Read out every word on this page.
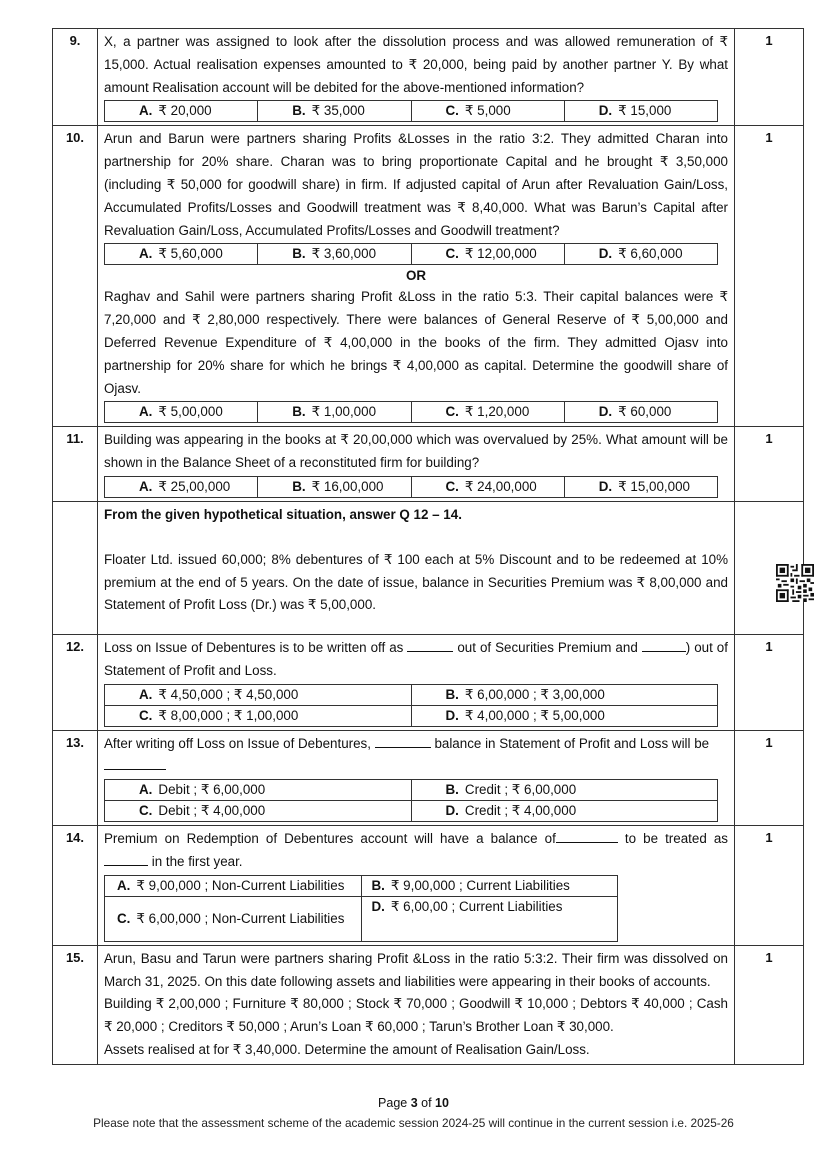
9.	X, a partner was assigned to look after the dissolution process and was allowed remuneration of ₹ 15,000. Actual realisation expenses amounted to ₹ 20,000, being paid by another partner Y. By what amount Realisation account will be debited for the above-mentioned information?

A. ₹ 20,000	B. ₹ 35,000	C. ₹ 5,000	D. ₹ 15,000
	1
10.	Arun and Barun were partners sharing Profits &Losses in the ratio 3:2. They admitted Charan into partnership for 20% share. Charan was to bring proportionate Capital and he brought ₹ 3,50,000 (including ₹ 50,000 for goodwill share) in firm. If adjusted capital of Arun after Revaluation Gain/Loss, Accumulated Profits/Losses and Goodwill treatment was ₹ 8,40,000. What was Barun’s Capital after Revaluation Gain/Loss, Accumulated Profits/Losses and Goodwill treatment?

A. ₹ 5,60,000	B. ₹ 3,60,000	C. ₹ 12,00,000	D. ₹ 6,60,000
OR

Raghav and Sahil were partners sharing Profit &Loss in the ratio 5:3. Their capital balances were ₹ 7,20,000 and ₹ 2,80,000 respectively. There were balances of General Reserve of ₹ 5,00,000 and Deferred Revenue Expenditure of ₹ 4,00,000 in the books of the firm. They admitted Ojasv into partnership for 20% share for which he brings ₹ 4,00,000 as capital. Determine the goodwill share of Ojasv.

A. ₹ 5,00,000	B. ₹ 1,00,000	C. ₹ 1,20,000	D. ₹ 60,000
	1
11.	Building was appearing in the books at ₹ 20,00,000 which was overvalued by 25%. What amount will be shown in the Balance Sheet of a reconstituted firm for building?

A. ₹ 25,00,000	B. ₹ 16,00,000	C. ₹ 24,00,000	D. ₹ 15,00,000
	1

From the given hypothetical situation, answer Q 12 – 14.

Floater Ltd. issued 60,000; 8% debentures of ₹ 100 each at 5% Discount and to be redeemed at 10% premium at the end of 5 years. On the date of issue, balance in Securities Premium was ₹ 8,00,000 and Statement of Profit Loss (Dr.) was ₹ 5,00,000.

12.	Loss on Issue of Debentures is to be written off as	out of Securities Premium and	) out of Statement of Profit and Loss.

A. ₹ 4,50,000 ; ₹ 4,50,000	B. ₹ 6,00,000 ; ₹ 3,00,000
C. ₹ 8,00,000 ; ₹ 1,00,000	D. ₹ 4,00,000 ; ₹ 5,00,000
	1
13.	After writing off Loss on Issue of Debentures,	balance in Statement of Profit and Loss will be

A. Debit ; ₹ 6,00,000	B. Credit ; ₹ 6,00,000
C. Debit ; ₹ 4,00,000	D. Credit ; ₹ 4,00,000
	1
14.	Premium on Redemption of Debentures account will have a balance of	to be treated as  in the first year.

A. ₹ 9,00,000 ; Non-Current Liabilities	B. ₹ 9,00,000 ; Current Liabilities
C. ₹ 6,00,000 ; Non-Current Liabilities	D. ₹ 6,00,00 ; Current Liabilities
	1
15.	Arun, Basu and Tarun were partners sharing Profit &Loss in the ratio 5:3:2. Their firm was dissolved on March 31, 2025. On this date following assets and liabilities were appearing in their books of accounts.

Building ₹ 2,00,000 ; Furniture ₹ 80,000 ; Stock ₹ 70,000 ; Goodwill ₹ 10,000 ; Debtors ₹ 40,000 ; Cash ₹ 20,000 ; Creditors ₹ 50,000 ; Arun’s Loan ₹ 60,000 ; Tarun’s Brother Loan ₹ 30,000.

Assets realised at for ₹ 3,40,000. Determine the amount of Realisation Gain/Loss.

	1
Page 3 of 10
Please note that the assessment scheme of the academic session 2024-25 will continue in the current session i.e. 2025-26
